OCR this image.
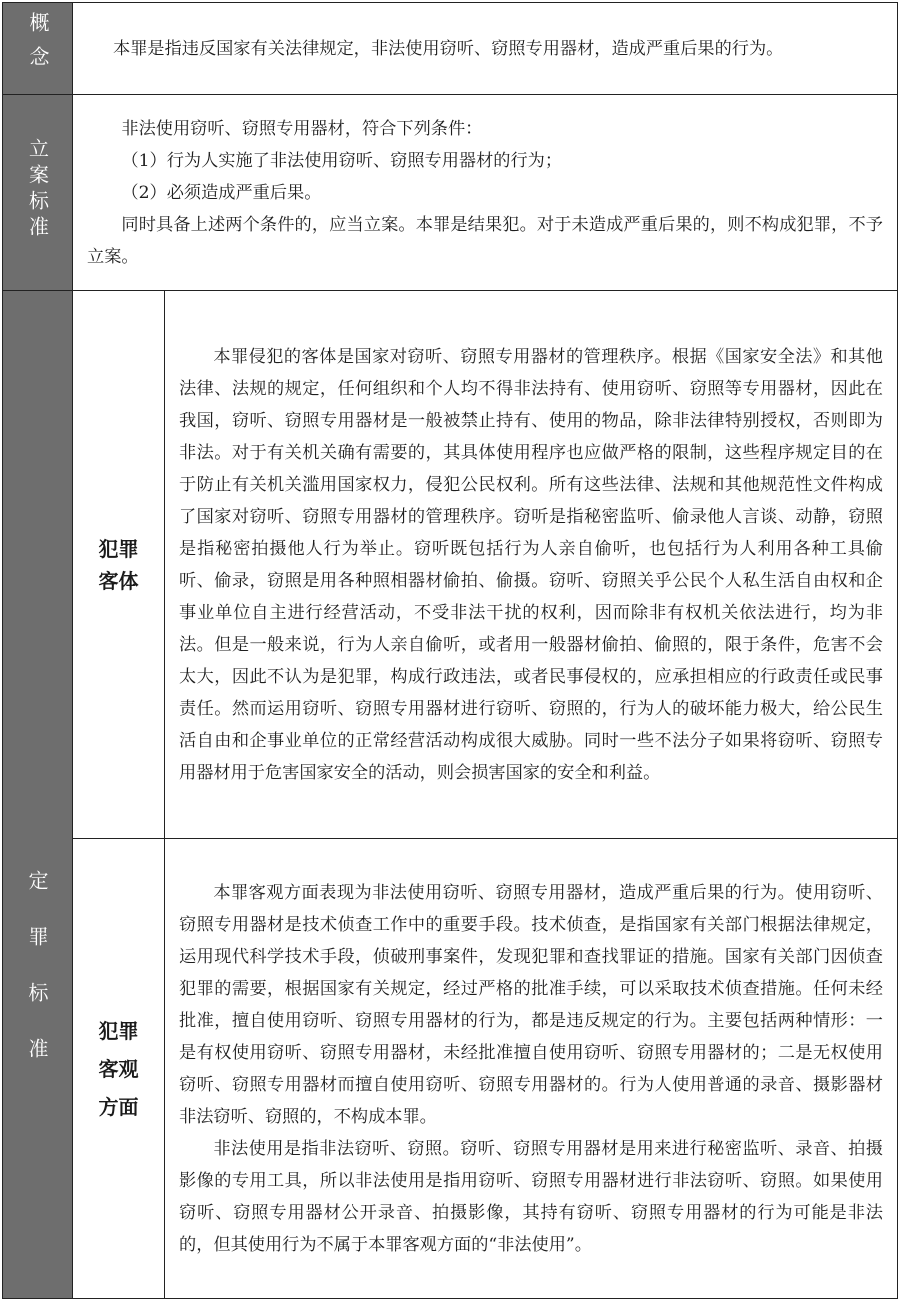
概念	本罪是指违反国家有关法律规定，非法使用窃听、窃照专用器材，造成严重后果的行为。	

立案标准	非法使用窃听、窃照专用器材，符合下列条件：

（1）行为人实施了非法使用窃听、窃照专用器材的行为；

（2）必须造成严重后果。

同时具备上述两个条件的，应当立案。本罪是结果犯。对于未造成严重后果的，则不构成犯罪，不予立案。	

定罪标准	犯罪客体	本罪侵犯的客体是国家对窃听、窃照专用器材的管理秩序。根据《国家安全法》和其他法律、法规的规定，任何组织和个人均不得非法持有、使用窃听、窃照等专用器材，因此在我国，窃听、窃照专用器材是一般被禁止持有、使用的物品，除非法律特别授权，否则即为非法。对于有关机关确有需要的，其具体使用程序也应做严格的限制，这些程序规定目的在于防止有关机关滥用国家权力，侵犯公民权利。所有这些法律、法规和其他规范性文件构成了国家对窃听、窃照专用器材的管理秩序。窃听是指秘密监听、偷录他人言谈、动静，窃照是指秘密拍摄他人行为举止。窃听既包括行为人亲自偷听，也包括行为人利用各种工具偷听、偷录，窃照是用各种照相器材偷拍、偷摄。窃听、窃照关乎公民个人私生活自由权和企事业单位自主进行经营活动，不受非法干扰的权利，因而除非有权机关依法进行，均为非法。但是一般来说，行为人亲自偷听，或者用一般器材偷拍、偷照的，限于条件，危害不会太大，因此不认为是犯罪，构成行政违法，或者民事侵权的，应承担相应的行政责任或民事责任。然而运用窃听、窃照专用器材进行窃听、窃照的，行为人的破坏能力极大，给公民生活自由和企事业单位的正常经营活动构成很大威胁。同时一些不法分子如果将窃听、窃照专用器材用于危害国家安全的活动，则会损害国家的安全和利益。

	犯罪客观方面	本罪客观方面表现为非法使用窃听、窃照专用器材，造成严重后果的行为。使用窃听、窃照专用器材是技术侦查工作中的重要手段。技术侦查，是指国家有关部门根据法律规定，运用现代科学技术手段，侦破刑事案件，发现犯罪和查找罪证的措施。国家有关部门因侦查犯罪的需要，根据国家有关规定，经过严格的批准手续，可以采取技术侦查措施。任何未经批准，擅自使用窃听、窃照专用器材的行为，都是违反规定的行为。主要包括两种情形：一是有权使用窃听、窃照专用器材，未经批准擅自使用窃听、窃照专用器材的；二是无权使用窃听、窃照专用器材而擅自使用窃听、窃照专用器材的。行为人使用普通的录音、摄影器材非法窃听、窃照的，不构成本罪。

非法使用是指非法窃听、窃照。窃听、窃照专用器材是用来进行秘密监听、录音、拍摄影像的专用工具，所以非法使用是指用窃听、窃照专用器材进行非法窃听、窃照。如果使用窃听、窃照专用器材公开录音、拍摄影像，其持有窃听、窃照专用器材的行为可能是非法的，但其使用行为不属于本罪客观方面的“非法使用”。
